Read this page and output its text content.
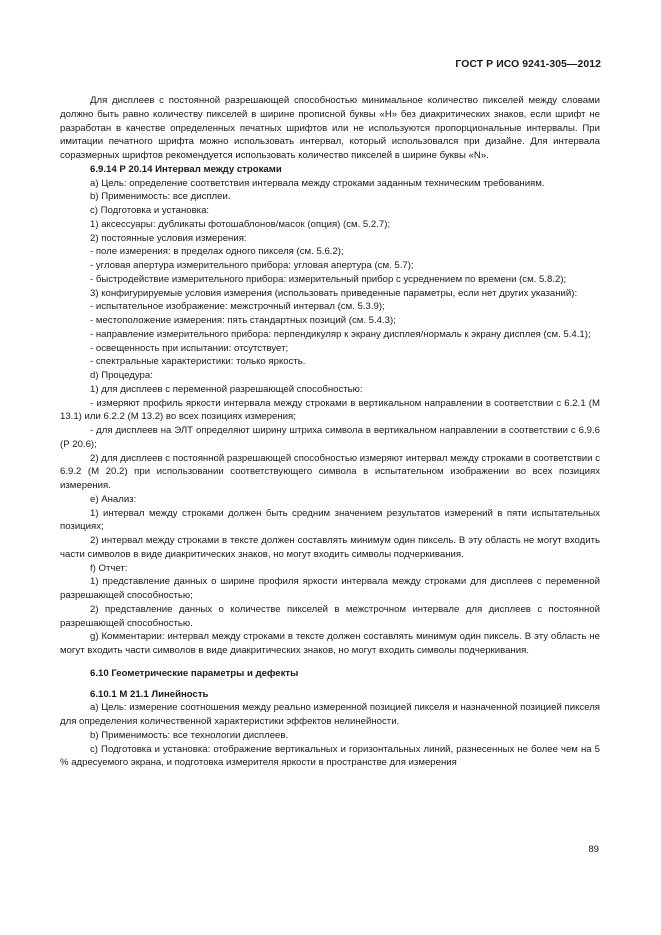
ГОСТ Р ИСО 9241-305—2012

Для дисплеев с постоянной разрешающей способностью минимальное количество пикселей между словами должно быть равно количеству пикселей в ширине прописной буквы «Н» без диакритических знаков, если шрифт не разработан в качестве определенных печатных шрифтов или не используются пропорциональные интервалы. При имитации печатного шрифта можно использовать интервал, который использовался при дизайне. Для интервала соразмерных шрифтов рекомендуется использовать количество пикселей в ширине буквы «N».

6.9.14 Р 20.14 Интервал между строками

a) Цель: определение соответствия интервала между строками заданным техническим требованиям.

b) Применимость: все дисплеи.

c) Подготовка и установка:

1) аксессуары: дубликаты фотошаблонов/масок (опция) (см. 5.2.7);

2) постоянные условия измерения:

- поле измерения: в пределах одного пикселя (см. 5.6.2);

- угловая апертура измерительного прибора: угловая апертура (см. 5.7);

- быстродействие измерительного прибора: измерительный прибор с усреднением по времени (см. 5.8.2);

3) конфигурируемые условия измерения (использовать приведенные параметры, если нет других указаний):

- испытательное изображение: межстрочный интервал (см. 5.3.9);

- местоположение измерения: пять стандартных позиций (см. 5.4.3);

- направление измерительного прибора: перпендикуляр к экрану дисплея/нормаль к экрану дисплея (см. 5.4.1);

- освещенность при испытании: отсутствует;

- спектральные характеристики: только яркость.

d) Процедура:

1) для дисплеев с переменной разрешающей способностью:

- измеряют профиль яркости интервала между строками в вертикальном направлении в соответствии с 6.2.1 (М 13.1) или 6.2.2 (М 13.2) во всех позициях измерения;

- для дисплеев на ЭЛТ определяют ширину штриха символа в вертикальном направлении в соответствии с 6.9.6 (Р 20.6);

2) для дисплеев с постоянной разрешающей способностью измеряют интервал между строками в соответствии с 6.9.2 (М 20.2) при использовании соответствующего символа в испытательном изображении во всех позициях измерения.

e) Анализ:

1) интервал между строками должен быть средним значением результатов измерений в пяти испытательных позициях;

2) интервал между строками в тексте должен составлять минимум один пиксель. В эту область не могут входить части символов в виде диакритических знаков, но могут входить символы подчеркивания.

f) Отчет:

1) представление данных о ширине профиля яркости интервала между строками для дисплеев с переменной разрешающей способностью;

2) представление данных о количестве пикселей в межстрочном интервале для дисплеев с постоянной разрешающей способностью.

g) Комментарии: интервал между строками в тексте должен составлять минимум один пиксель. В эту область не могут входить части символов в виде диакритических знаков, но могут входить символы подчеркивания.

6.10 Геометрические параметры и дефекты

6.10.1 М 21.1 Линейность

a) Цель: измерение соотношения между реально измеренной позицией пикселя и назначенной позицией пикселя для определения количественной характеристики эффектов нелинейности.

b) Применимость: все технологии дисплеев.

c) Подготовка и установка: отображение вертикальных и горизонтальных линий, разнесенных не более чем на 5 % адресуемого экрана, и подготовка измерителя яркости в пространстве для измерения

89
